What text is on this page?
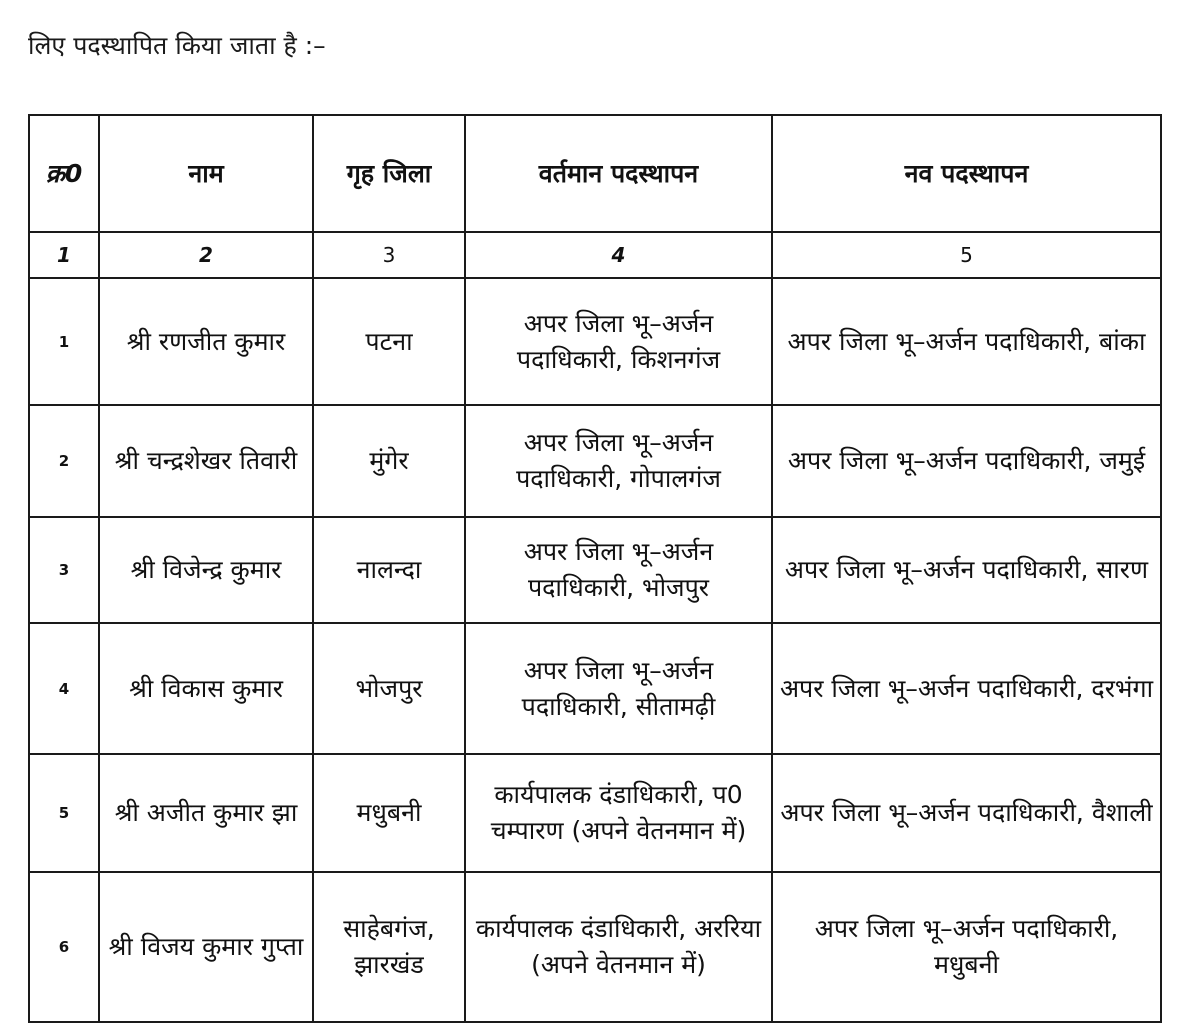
लिए पदस्थापित किया जाता है :–
क्र0	नाम	गृह जिला	वर्तमान पदस्थापन	नव पदस्थापन
1	2	3	4	5
1	श्री रणजीत कुमार	पटना	अपर जिला भू–अर्जन पदाधिकारी, किशनगंज	अपर जिला भू–अर्जन पदाधिकारी, बांका
2	श्री चन्द्रशेखर तिवारी	मुंगेर	अपर जिला भू–अर्जन पदाधिकारी, गोपालगंज	अपर जिला भू–अर्जन पदाधिकारी, जमुई
3	श्री विजेन्द्र कुमार	नालन्दा	अपर जिला भू–अर्जन पदाधिकारी, भोजपुर	अपर जिला भू–अर्जन पदाधिकारी, सारण
4	श्री विकास कुमार	भोजपुर	अपर जिला भू–अर्जन पदाधिकारी, सीतामढ़ी	अपर जिला भू–अर्जन पदाधिकारी, दरभंगा
5	श्री अजीत कुमार झा	मधुबनी	कार्यपालक दंडाधिकारी, प0 चम्पारण (अपने वेतनमान में)	अपर जिला भू–अर्जन पदाधिकारी, वैशाली
6	श्री विजय कुमार गुप्ता	साहेबगंज, झारखंड	कार्यपालक दंडाधिकारी, अररिया (अपने वेतनमान में)	अपर जिला भू–अर्जन पदाधिकारी, मधुबनी
